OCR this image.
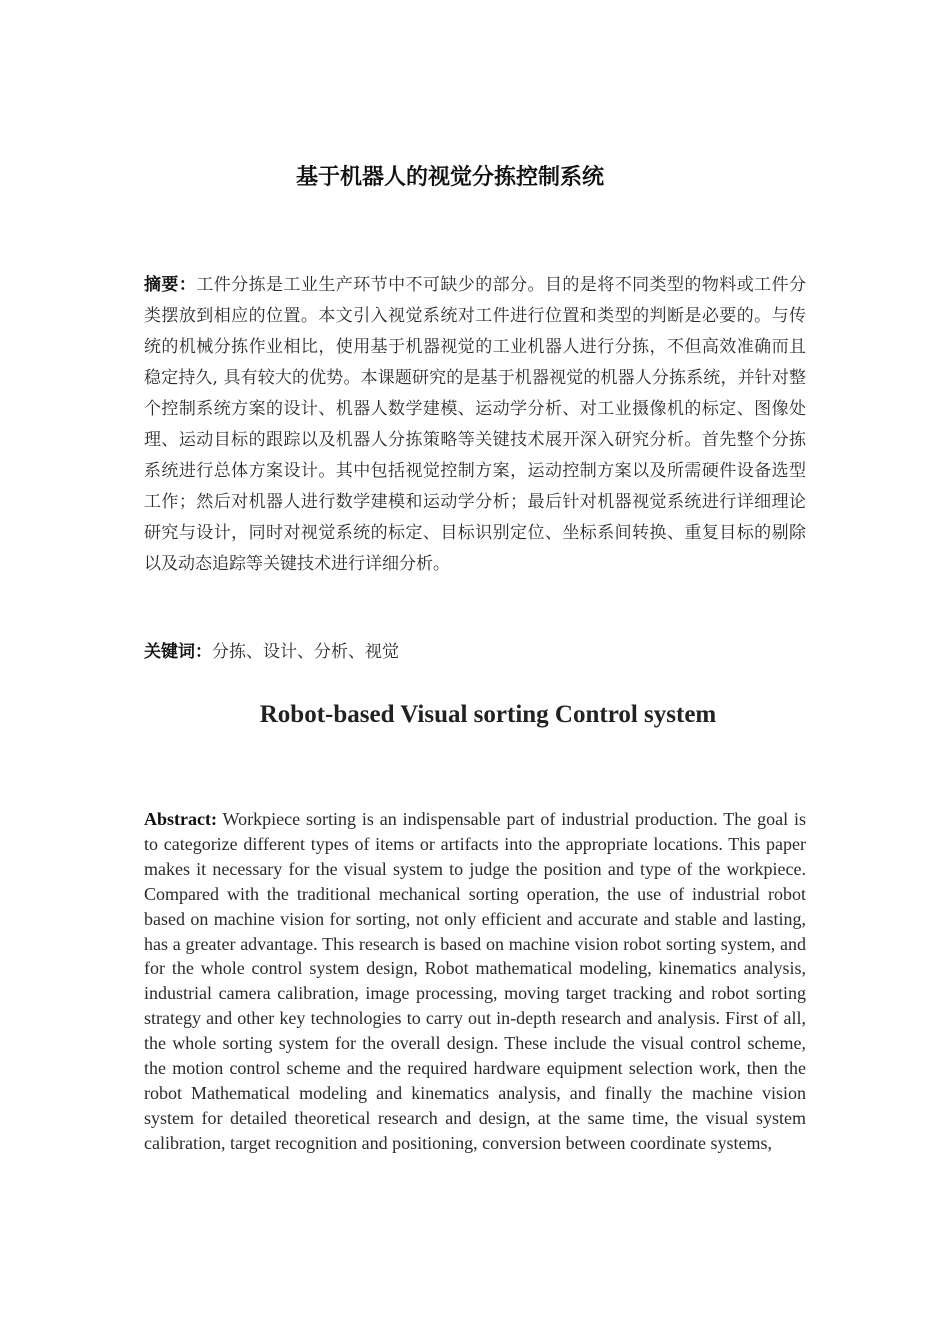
基于机器人的视觉分拣控制系统
摘要：工件分拣是工业生产环节中不可缺少的部分。目的是将不同类型的物料或工件分类摆放到相应的位置。本文引入视觉系统对工件进行位置和类型的判断是必要的。与传统的机械分拣作业相比，使用基于机器视觉的工业机器人进行分拣，不但高效准确而且稳定持久, 具有较大的优势。本课题研究的是基于机器视觉的机器人分拣系统，并针对整个控制系统方案的设计、机器人数学建模、运动学分析、对工业摄像机的标定、图像处理、运动目标的跟踪以及机器人分拣策略等关键技术展开深入研究分析。首先整个分拣系统进行总体方案设计。其中包括视觉控制方案，运动控制方案以及所需硬件设备选型工作；然后对机器人进行数学建模和运动学分析；最后针对机器视觉系统进行详细理论研究与设计，同时对视觉系统的标定、目标识别定位、坐标系间转换、重复目标的剔除以及动态追踪等关键技术进行详细分析。
关键词：分拣、设计、分析、视觉
Robot-based Visual sorting Control system
Abstract: Workpiece sorting is an indispensable part of industrial production. The goal is to categorize different types of items or artifacts into the appropriate locations. This paper makes it necessary for the visual system to judge the position and type of the workpiece. Compared with the traditional mechanical sorting operation, the use of industrial robot based on machine vision for sorting, not only efficient and accurate and stable and lasting, has a greater advantage. This research is based on machine vision robot sorting system, and for the whole control system design, Robot mathematical modeling, kinematics analysis, industrial camera calibration, image processing, moving target tracking and robot sorting strategy and other key technologies to carry out in-depth research and analysis. First of all, the whole sorting system for the overall design. These include the visual control scheme, the motion control scheme and the required hardware equipment selection work, then the robot Mathematical modeling and kinematics analysis, and finally the machine vision system for detailed theoretical research and design, at the same time, the visual system calibration, target recognition and positioning, conversion between coordinate systems,
